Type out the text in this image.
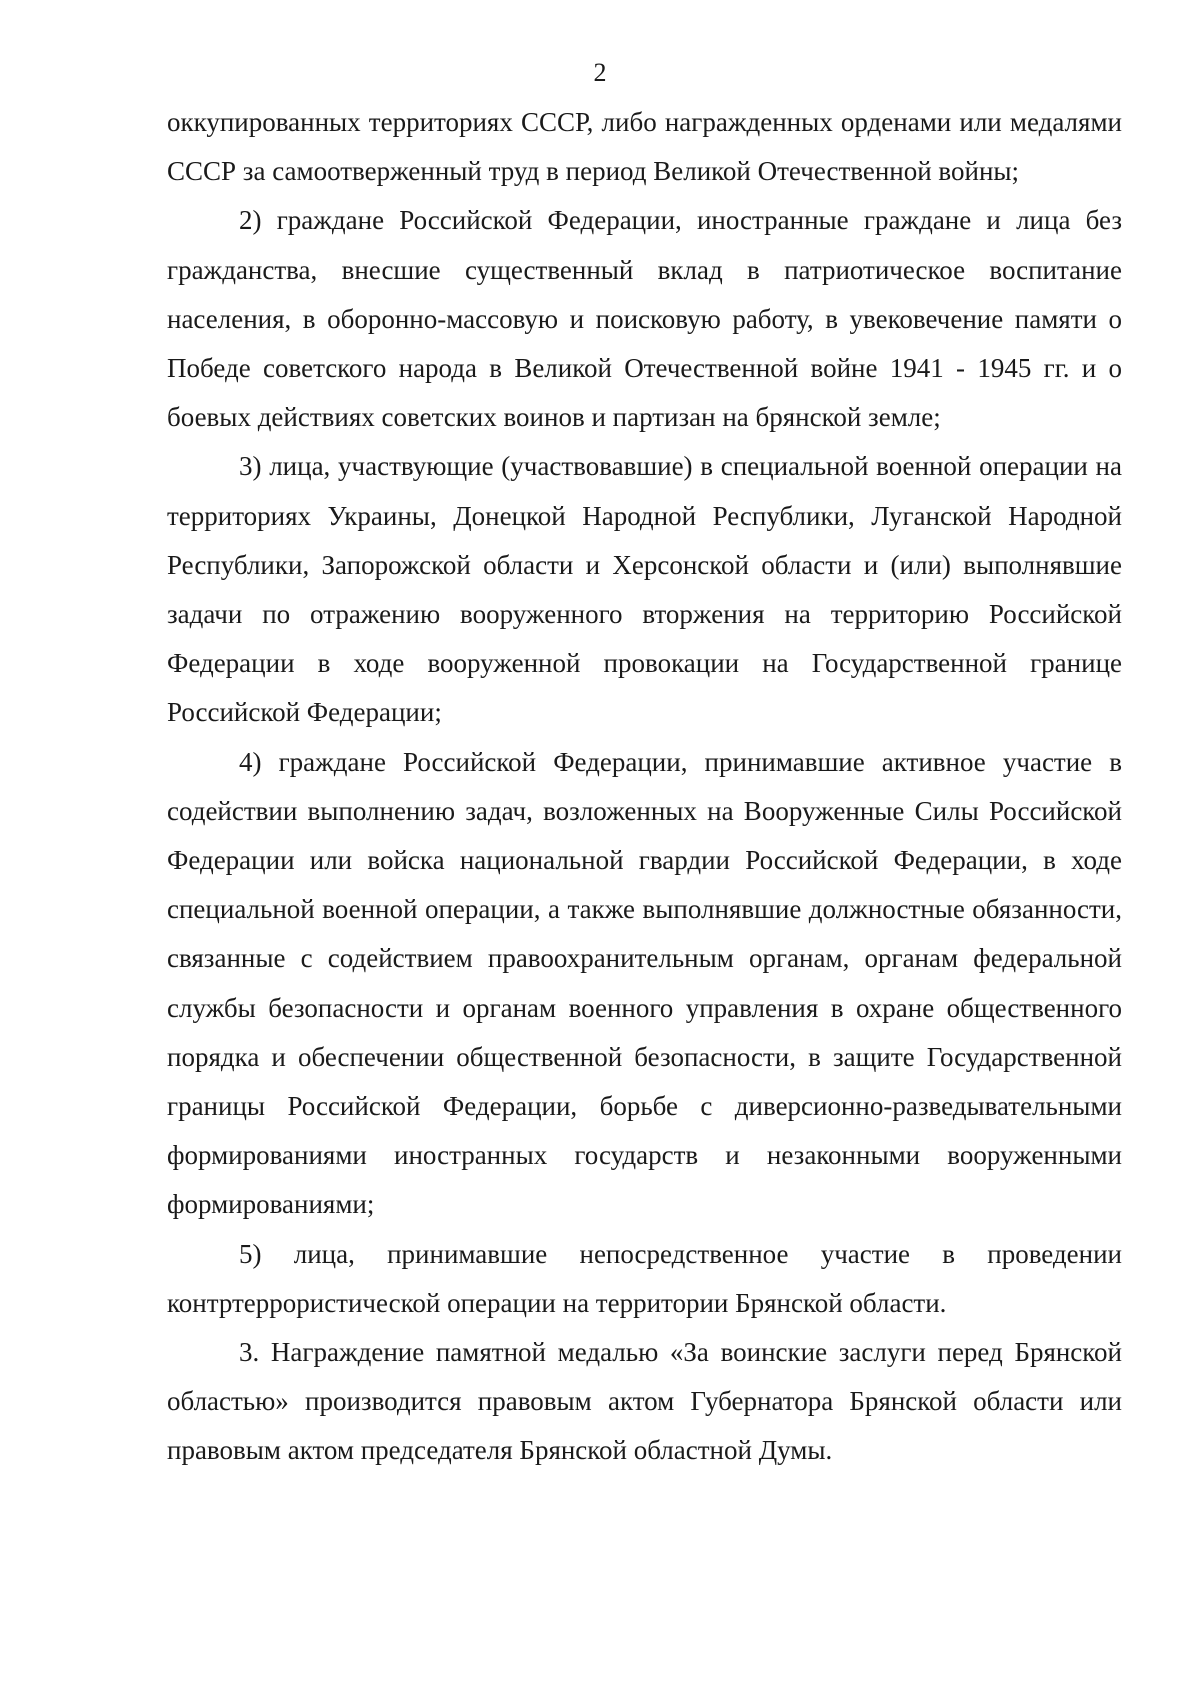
2

оккупированных территориях СССР, либо награжденных орденами или медалями СССР за самоотверженный труд в период Великой Отечественной войны;

2) граждане Российской Федерации, иностранные граждане и лица без гражданства, внесшие существенный вклад в патриотическое воспитание населения, в оборонно-массовую и поисковую работу, в увековечение памяти о Победе советского народа в Великой Отечественной войне 1941 - 1945 гг. и о боевых действиях советских воинов и партизан на брянской земле;

3) лица, участвующие (участвовавшие) в специальной военной операции на территориях Украины, Донецкой Народной Республики, Луганской Народной Республики, Запорожской области и Херсонской области и (или) выполнявшие задачи по отражению вооруженного вторжения на территорию Российской Федерации в ходе вооруженной провокации на Государственной границе Российской Федерации;

4) граждане Российской Федерации, принимавшие активное участие в содействии выполнению задач, возложенных на Вооруженные Силы Российской Федерации или войска национальной гвардии Российской Федерации, в ходе специальной военной операции, а также выполнявшие должностные обязанности, связанные с содействием правоохранительным органам, органам федеральной службы безопасности и органам военного управления в охране общественного порядка и обеспечении общественной безопасности, в защите Государственной границы Российской Федерации, борьбе с диверсионно-разведывательными формированиями иностранных государств и незаконными вооруженными формированиями;

5) лица, принимавшие непосредственное участие в проведении контртеррористической операции на территории Брянской области.

3. Награждение памятной медалью «За воинские заслуги перед Брянской областью» производится правовым актом Губернатора Брянской области или правовым актом председателя Брянской областной Думы.
